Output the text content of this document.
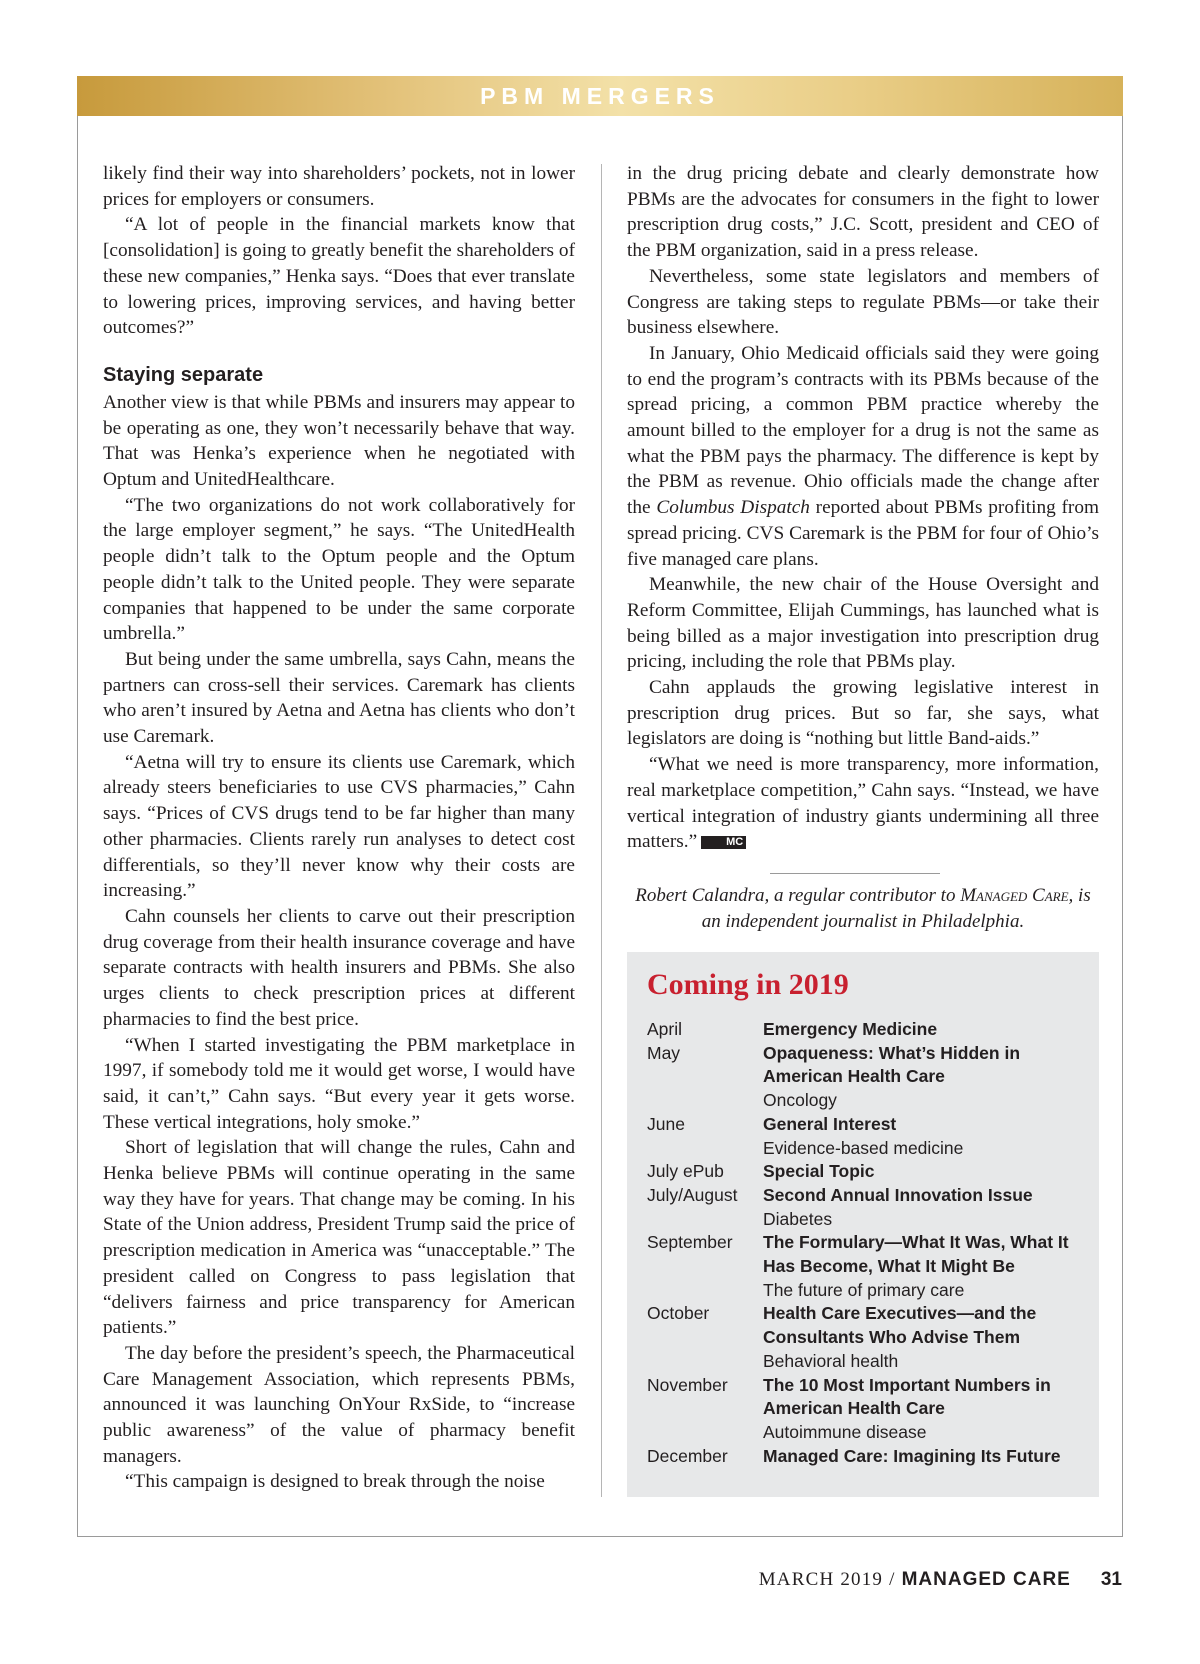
PBM MERGERS

likely find their way into shareholders’ pockets, not in lower prices for employers or consumers.

“A lot of people in the financial markets know that [consolidation] is going to greatly benefit the shareholders of these new companies,” Henka says. “Does that ever translate to lowering prices, improving services, and having better outcomes?”

Staying separate

Another view is that while PBMs and insurers may appear to be operating as one, they won’t necessarily behave that way. That was Henka’s experience when he negotiated with Optum and UnitedHealthcare.

“The two organizations do not work collaboratively for the large employer segment,” he says. “The UnitedHealth people didn’t talk to the Optum people and the Optum people didn’t talk to the United people. They were separate companies that happened to be under the same corporate umbrella.”

But being under the same umbrella, says Cahn, means the partners can cross-sell their services. Caremark has clients who aren’t insured by Aetna and Aetna has clients who don’t use Caremark.

“Aetna will try to ensure its clients use Caremark, which already steers beneficiaries to use CVS pharmacies,” Cahn says. “Prices of CVS drugs tend to be far higher than many other pharmacies. Clients rarely run analyses to detect cost differentials, so they’ll never know why their costs are increasing.”

Cahn counsels her clients to carve out their prescription drug coverage from their health insurance coverage and have separate contracts with health insurers and PBMs. She also urges clients to check prescription prices at different pharmacies to find the best price.

“When I started investigating the PBM marketplace in 1997, if somebody told me it would get worse, I would have said, it can’t,” Cahn says. “But every year it gets worse. These vertical integrations, holy smoke.”

Short of legislation that will change the rules, Cahn and Henka believe PBMs will continue operating in the same way they have for years. That change may be coming. In his State of the Union address, President Trump said the price of prescription medication in America was “unacceptable.” The president called on Congress to pass legislation that “delivers fairness and price transparency for American patients.”

The day before the president’s speech, the Pharmaceutical Care Management Association, which represents PBMs, announced it was launching OnYour RxSide, to “increase public awareness” of the value of pharmacy benefit managers.

“This campaign is designed to break through the noise

in the drug pricing debate and clearly demonstrate how PBMs are the advocates for consumers in the fight to lower prescription drug costs,” J.C. Scott, president and CEO of the PBM organization, said in a press release.

Nevertheless, some state legislators and members of Congress are taking steps to regulate PBMs—or take their business elsewhere.

In January, Ohio Medicaid officials said they were going to end the program’s contracts with its PBMs because of the spread pricing, a common PBM practice whereby the amount billed to the employer for a drug is not the same as what the PBM pays the pharmacy. The difference is kept by the PBM as revenue. Ohio officials made the change after the Columbus Dispatch reported about PBMs profiting from spread pricing. CVS Caremark is the PBM for four of Ohio’s five managed care plans.

Meanwhile, the new chair of the House Oversight and Reform Committee, Elijah Cummings, has launched what is being billed as a major investigation into prescription drug pricing, including the role that PBMs play.

Cahn applauds the growing legislative interest in prescription drug prices. But so far, she says, what legislators are doing is “nothing but little Band-aids.”

“What we need is more transparency, more information, real marketplace competition,” Cahn says. “Instead, we have vertical integration of industry giants undermining all three matters.”	MC

Robert Calandra, a regular contributor to Managed Care, is an independent journalist in Philadelphia.
Coming in 2019
April	Emergency Medicine
May	Opaqueness: What’s Hidden in American Health Care
Oncology
June	General Interest
Evidence-based medicine
July ePub	Special Topic
July/August	Second Annual Innovation Issue
Diabetes
September	The Formulary—What It Was, What It Has Become, What It Might Be
The future of primary care
October	Health Care Executives—and the Consultants Who Advise Them
Behavioral health
November	The 10 Most Important Numbers in American Health Care
Autoimmune disease
December	Managed Care: Imagining Its Future
MARCH 2019 / MANAGED CARE 31
